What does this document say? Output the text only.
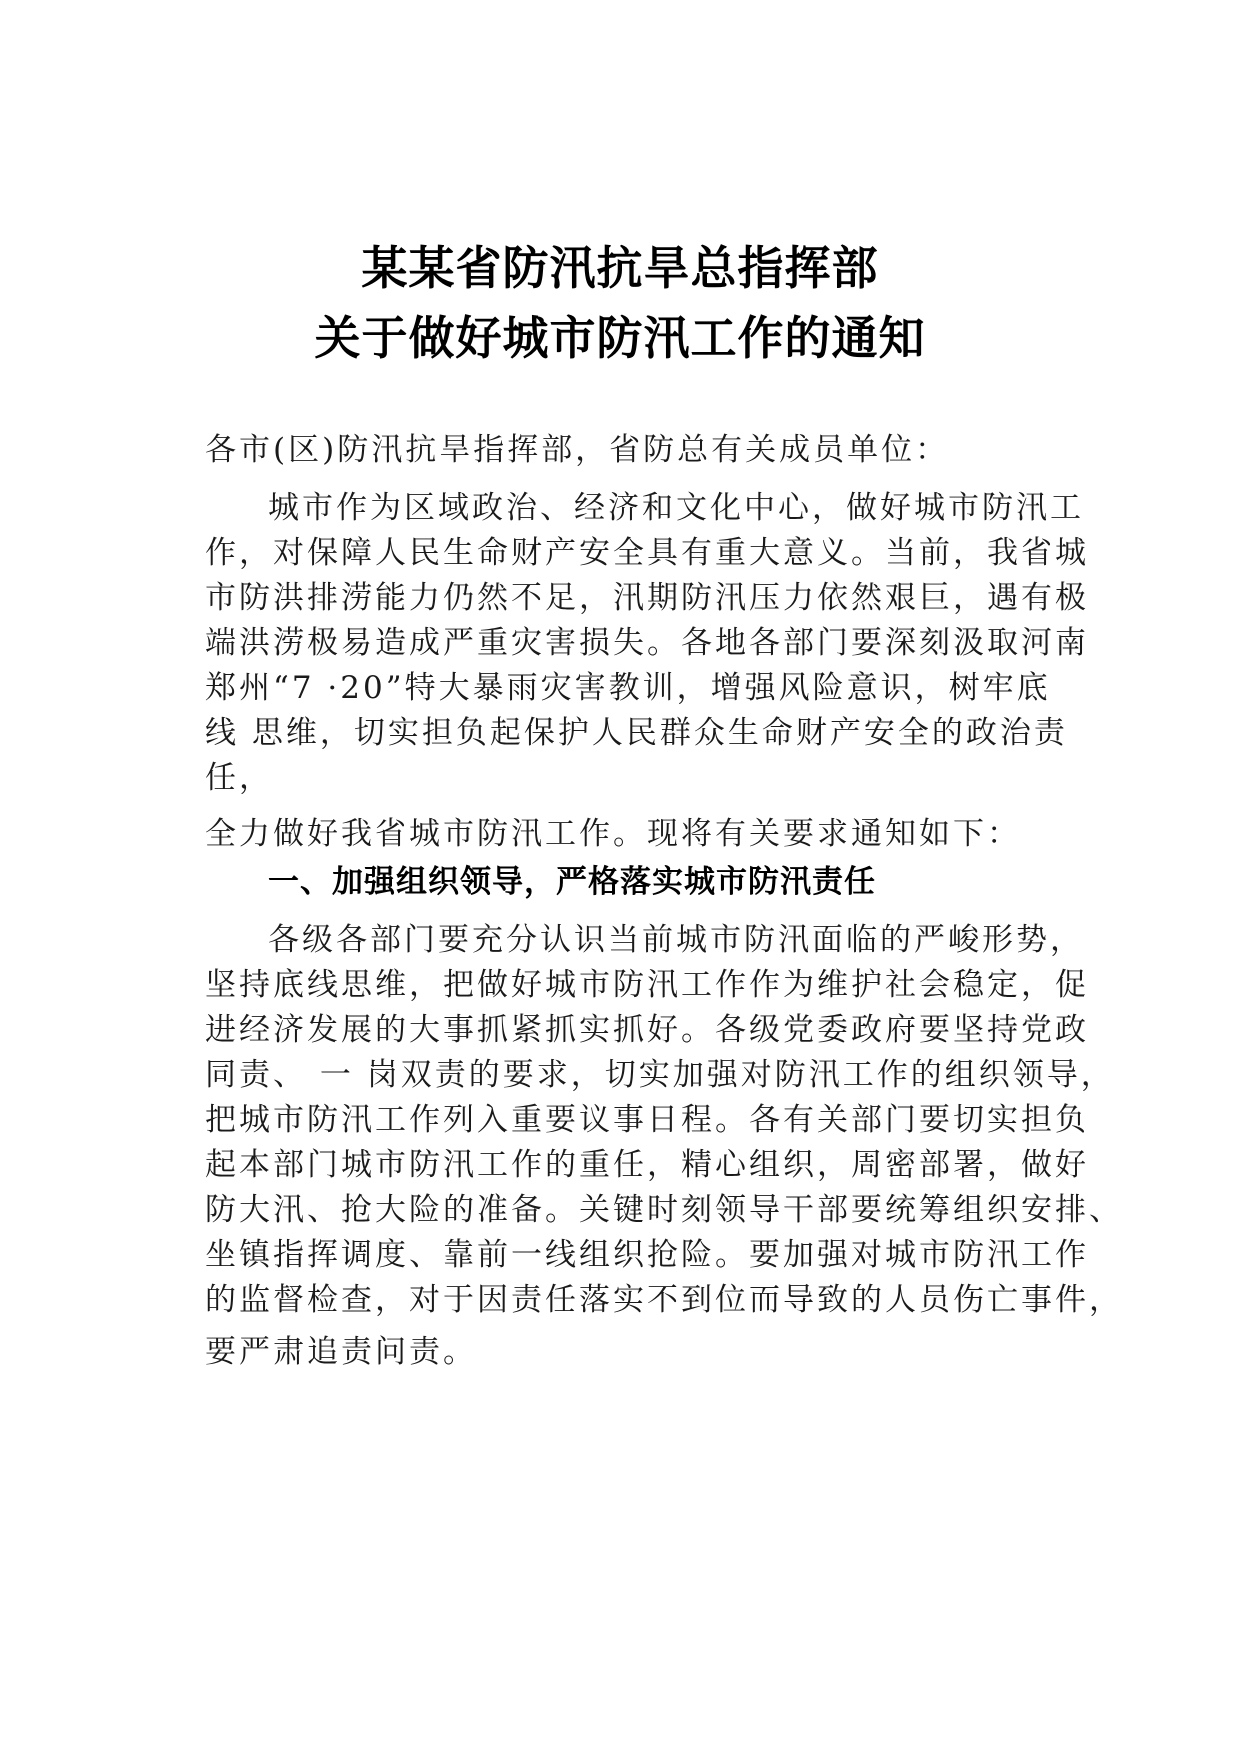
某某省防汛抗旱总指挥部
关于做好城市防汛工作的通知
各市(区)防汛抗旱指挥部，省防总有关成员单位：
城市作为区域政治、经济和文化中心，做好城市防汛工
作，对保障人民生命财产安全具有重大意义。当前，我省城
市防洪排涝能力仍然不足，汛期防汛压力依然艰巨，遇有极
端洪涝极易造成严重灾害损失。各地各部门要深刻汲取河南
郑州“7 ·20”特大暴雨灾害教训，增强风险意识，树牢底
线 思维，切实担负起保护人民群众生命财产安全的政治责
任，
全力做好我省城市防汛工作。现将有关要求通知如下：
一、加强组织领导，严格落实城市防汛责任
各级各部门要充分认识当前城市防汛面临的严峻形势，
坚持底线思维，把做好城市防汛工作作为维护社会稳定，促
进经济发展的大事抓紧抓实抓好。各级党委政府要坚持党政
同责、 一 岗双责的要求，切实加强对防汛工作的组织领导，
把城市防汛工作列入重要议事日程。各有关部门要切实担负
起本部门城市防汛工作的重任，精心组织，周密部署，做好
防大汛、抢大险的准备。关键时刻领导干部要统筹组织安排、
坐镇指挥调度、靠前一线组织抢险。要加强对城市防汛工作
的监督检查，对于因责任落实不到位而导致的人员伤亡事件，
要严肃追责问责。
